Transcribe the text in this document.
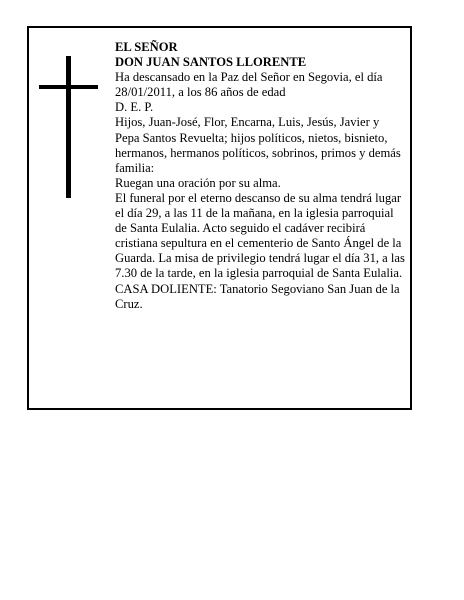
EL SEÑOR

DON JUAN SANTOS LLORENTE

Ha descansado en la Paz del Señor en Segovia, el día 28/01/2011, a los 86 años de edad

D. E. P.

Hijos, Juan-José, Flor, Encarna, Luis, Jesús, Javier y Pepa Santos Revuelta; hijos políticos, nietos, bisnieto, hermanos, hermanos políticos, sobrinos, primos y demás familia:

Ruegan una oración por su alma.

El funeral por el eterno descanso de su alma tendrá lugar el día 29, a las 11 de la mañana, en la iglesia parroquial de Santa Eulalia. Acto seguido el cadáver recibirá cristiana sepultura en el cementerio de Santo Ángel de la Guarda. La misa de privilegio tendrá lugar el día 31, a las 7.30 de la tarde, en la iglesia parroquial de Santa Eulalia.

CASA DOLIENTE: Tanatorio Segoviano San Juan de la Cruz.
